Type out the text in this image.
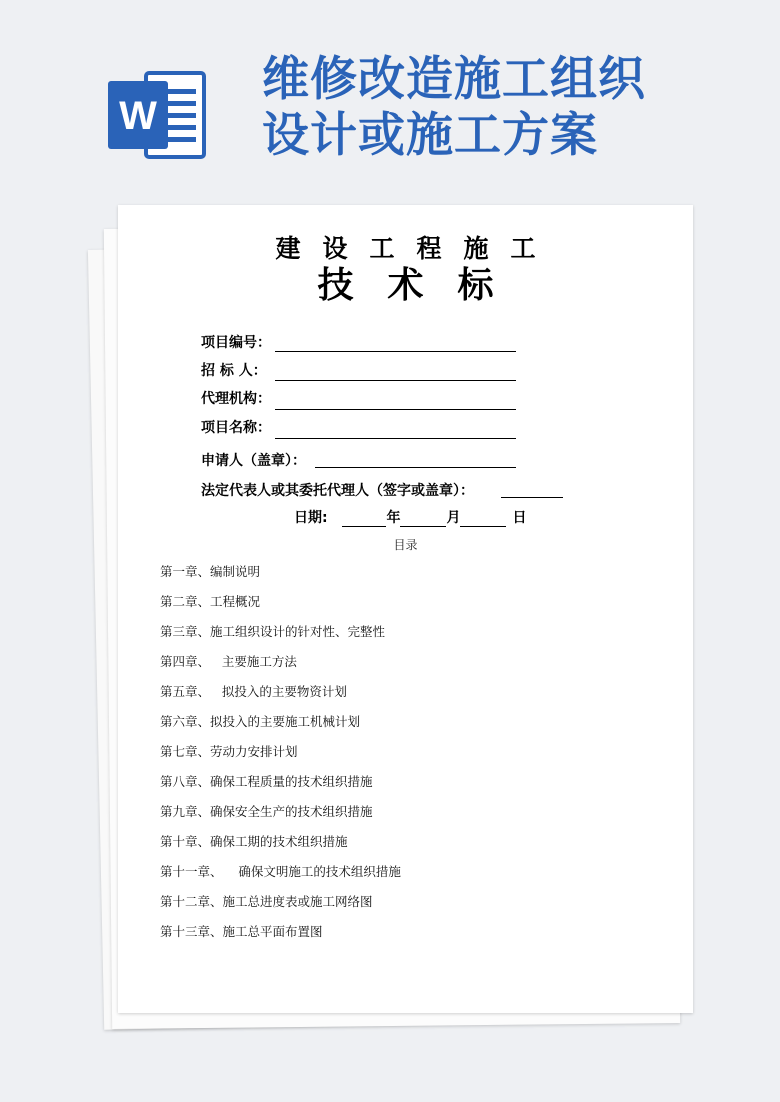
W
维修改造施工组织
设计或施工方案
建设工程施工
技术标
项目编号：
招 标 人：
代理机构：
项目名称：
申请人（盖章）：
法定代表人或其委托代理人（签字或盖章）：
日期:	年	月	日
目录
第一章、编制说明
第二章、工程概况
第三章、施工组织设计的针对性、完整性
第四章、   主要施工方法
第五章、   拟投入的主要物资计划
第六章、拟投入的主要施工机械计划
第七章、劳动力安排计划
第八章、确保工程质量的技术组织措施
第九章、确保安全生产的技术组织措施
第十章、确保工期的技术组织措施
第十一章、    确保文明施工的技术组织措施
第十二章、施工总进度表或施工网络图
第十三章、施工总平面布置图
